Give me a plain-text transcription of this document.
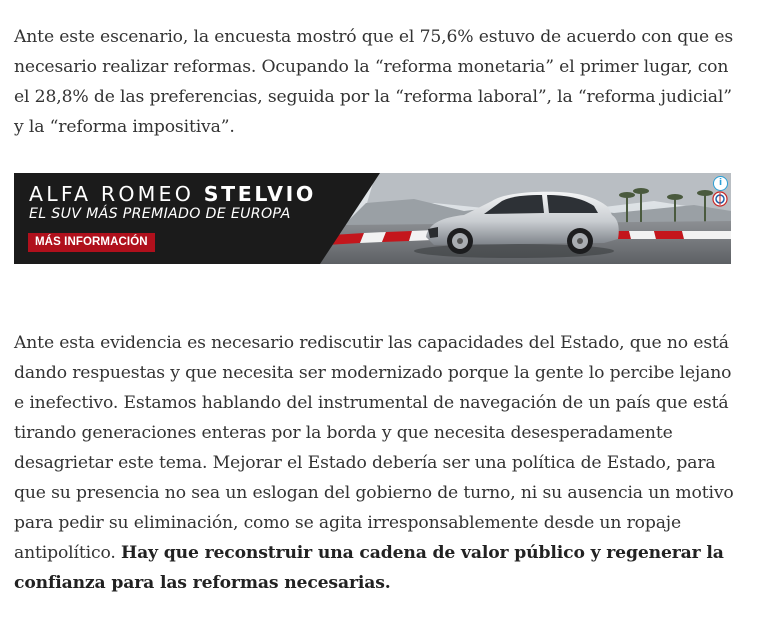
Ante este escenario, la encuesta mostró que el 75,6% estuvo de acuerdo con que es necesario realizar reformas. Ocupando la “reforma monetaria” el primer lugar, con el 28,8% de las preferencias, seguida por la “reforma laboral”, la “reforma judicial” y la “reforma impositiva”.

ALFA ROMEO STELVIO
EL SUV MÁS PREMIADO DE EUROPA
MÁS INFORMACIÓN
i

Ante esta evidencia es necesario rediscutir las capacidades del Estado, que no está dando respuestas y que necesita ser modernizado porque la gente lo percibe lejano e inefectivo. Estamos hablando del instrumental de navegación de un país que está tirando generaciones enteras por la borda y que necesita desesperadamente desagrietar este tema. Mejorar el Estado debería ser una política de Estado, para que su presencia no sea un eslogan del gobierno de turno, ni su ausencia un motivo para pedir su eliminación, como se agita irresponsablemente desde un ropaje antipolítico. Hay que reconstruir una cadena de valor público y regenerar la confianza para las reformas necesarias.
